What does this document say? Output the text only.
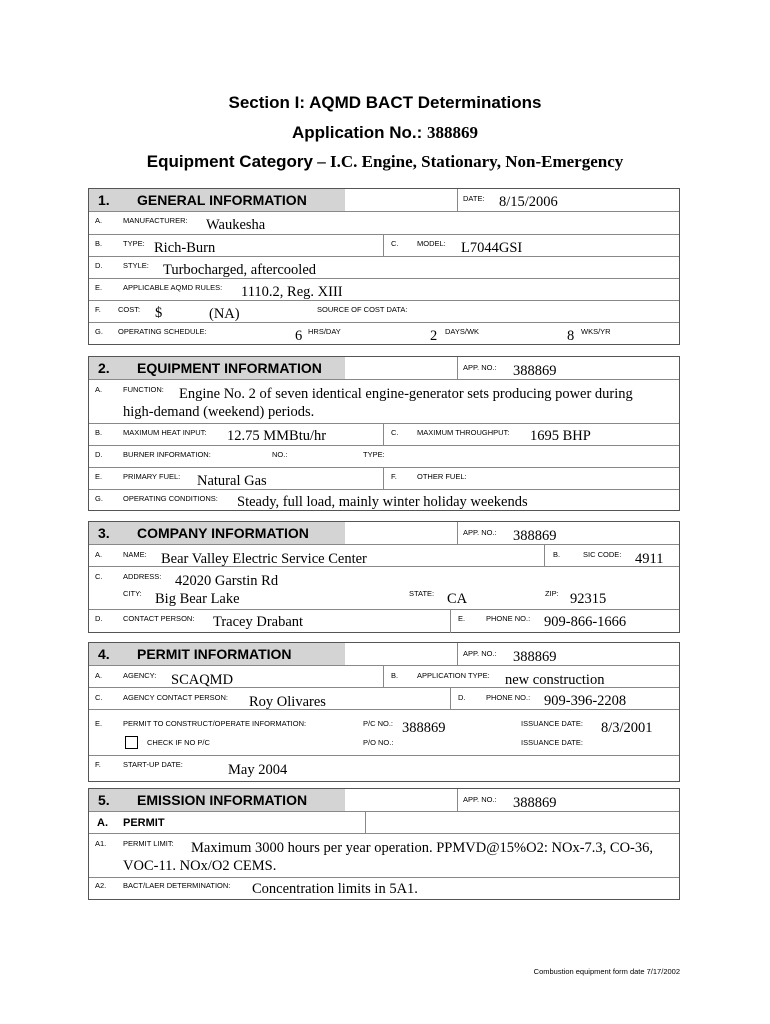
Section I: AQMD BACT Determinations
Application No.: 388869
Equipment Category – I.C. Engine, Stationary, Non-Emergency
1. GENERAL INFORMATION	DATE: 8/15/2006
A.	MANUFACTURER: Waukesha
B.	TYPE: Rich-Burn	C. MODEL: L7044GSI
D.	STYLE: Turbocharged, aftercooled
E.	APPLICABLE AQMD RULES: 1110.2, Reg. XIII
F. COST: $	(NA)	SOURCE OF COST DATA:
G. OPERATING SCHEDULE:	6 HRS/DAY	2 DAYS/WK	8 WKS/YR
2. EQUIPMENT INFORMATION	APP. NO.: 388869
A.	FUNCTION: Engine No. 2 of seven identical engine-generator sets producing power during
high-demand (weekend) periods.
B.	MAXIMUM HEAT INPUT: 12.75 MMBtu/hr	C. MAXIMUM THROUGHPUT: 1695 BHP
D.	BURNER INFORMATION:	NO.:	TYPE:
E.	PRIMARY FUEL: Natural Gas	F.	OTHER FUEL:
G.	OPERATING CONDITIONS: Steady, full load, mainly winter holiday weekends
3. COMPANY INFORMATION	APP. NO.: 388869
A.	NAME: Bear Valley Electric Service Center	B.	SIC CODE: 4911
C.	ADDRESS: 42020 Garstin Rd
CITY: Big Bear Lake	STATE: CA	ZIP: 92315
D.	CONTACT PERSON: Tracey Drabant	E.	PHONE NO.: 909-866-1666
4. PERMIT INFORMATION	APP. NO.: 388869
A.	AGENCY: SCAQMD	B.	APPLICATION TYPE: new construction
C.	AGENCY CONTACT PERSON: Roy Olivares	D.	PHONE NO.: 909-396-2208
E.	PERMIT TO CONSTRUCT/OPERATE INFORMATION:	P/C NO.: 388869	ISSUANCE DATE: 8/3/2001
CHECK IF NO P/C	P/O NO.:	ISSUANCE DATE:
F.	START-UP DATE:	May 2004
5. EMISSION INFORMATION	APP. NO.: 388869
A. PERMIT
A1. PERMIT LIMIT: Maximum 3000 hours per year operation. PPMVD@15%O2: NOx-7.3, CO-36,
VOC-11. NOx/O2 CEMS.
A2. BACT/LAER DETERMINATION: Concentration limits in 5A1.
Combustion equipment form date 7/17/2002
